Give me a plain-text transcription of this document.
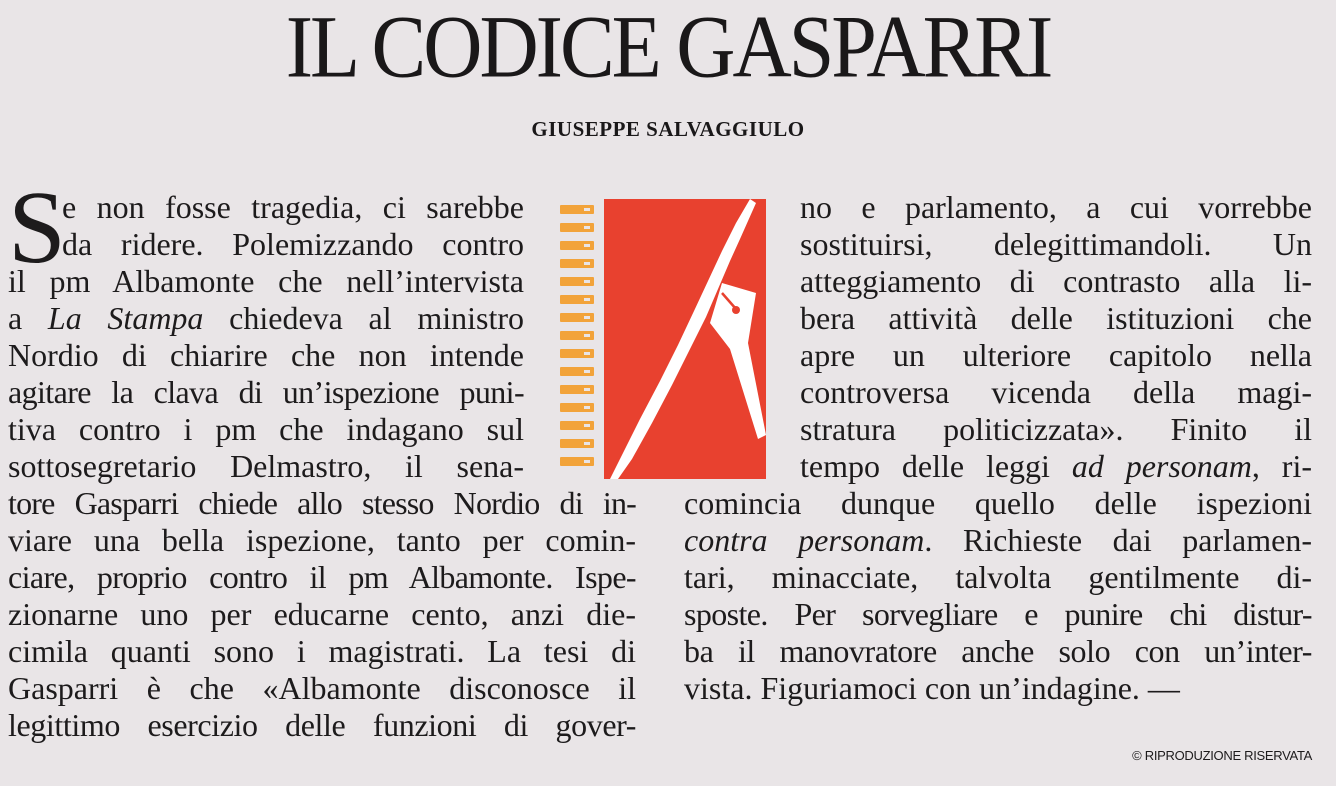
IL CODICE GASPARRI
GIUSEPPE SALVAGGIULO
S
e non fosse tragedia, ci sarebbe
da ridere. Polemizzando contro
il pm Albamonte che nell’intervista
a La Stampa chiedeva al ministro
Nordio di chiarire che non intende
agitare la clava di un’ispezione puni-
tiva contro i pm che indagano sul
sottosegretario Delmastro, il sena-
tore Gasparri chiede allo stesso Nordio di in-
viare una bella ispezione, tanto per comin-
ciare, proprio contro il pm Albamonte. Ispe-
zionarne uno per educarne cento, anzi die-
cimila quanti sono i magistrati. La tesi di
Gasparri è che «Albamonte disconosce il
legittimo esercizio delle funzioni di gover-
no e parlamento, a cui vorrebbe
sostituirsi, delegittimandoli. Un
atteggiamento di contrasto alla li-
bera attività delle istituzioni che
apre un ulteriore capitolo nella
controversa vicenda della magi-
stratura politicizzata». Finito il
tempo delle leggi ad personam, ri-
comincia dunque quello delle ispezioni
contra personam. Richieste dai parlamen-
tari, minacciate, talvolta gentilmente di-
sposte. Per sorvegliare e punire chi distur-
ba il manovratore anche solo con un’inter-
vista. Figuriamoci con un’indagine. —
© RIPRODUZIONE RISERVATA
